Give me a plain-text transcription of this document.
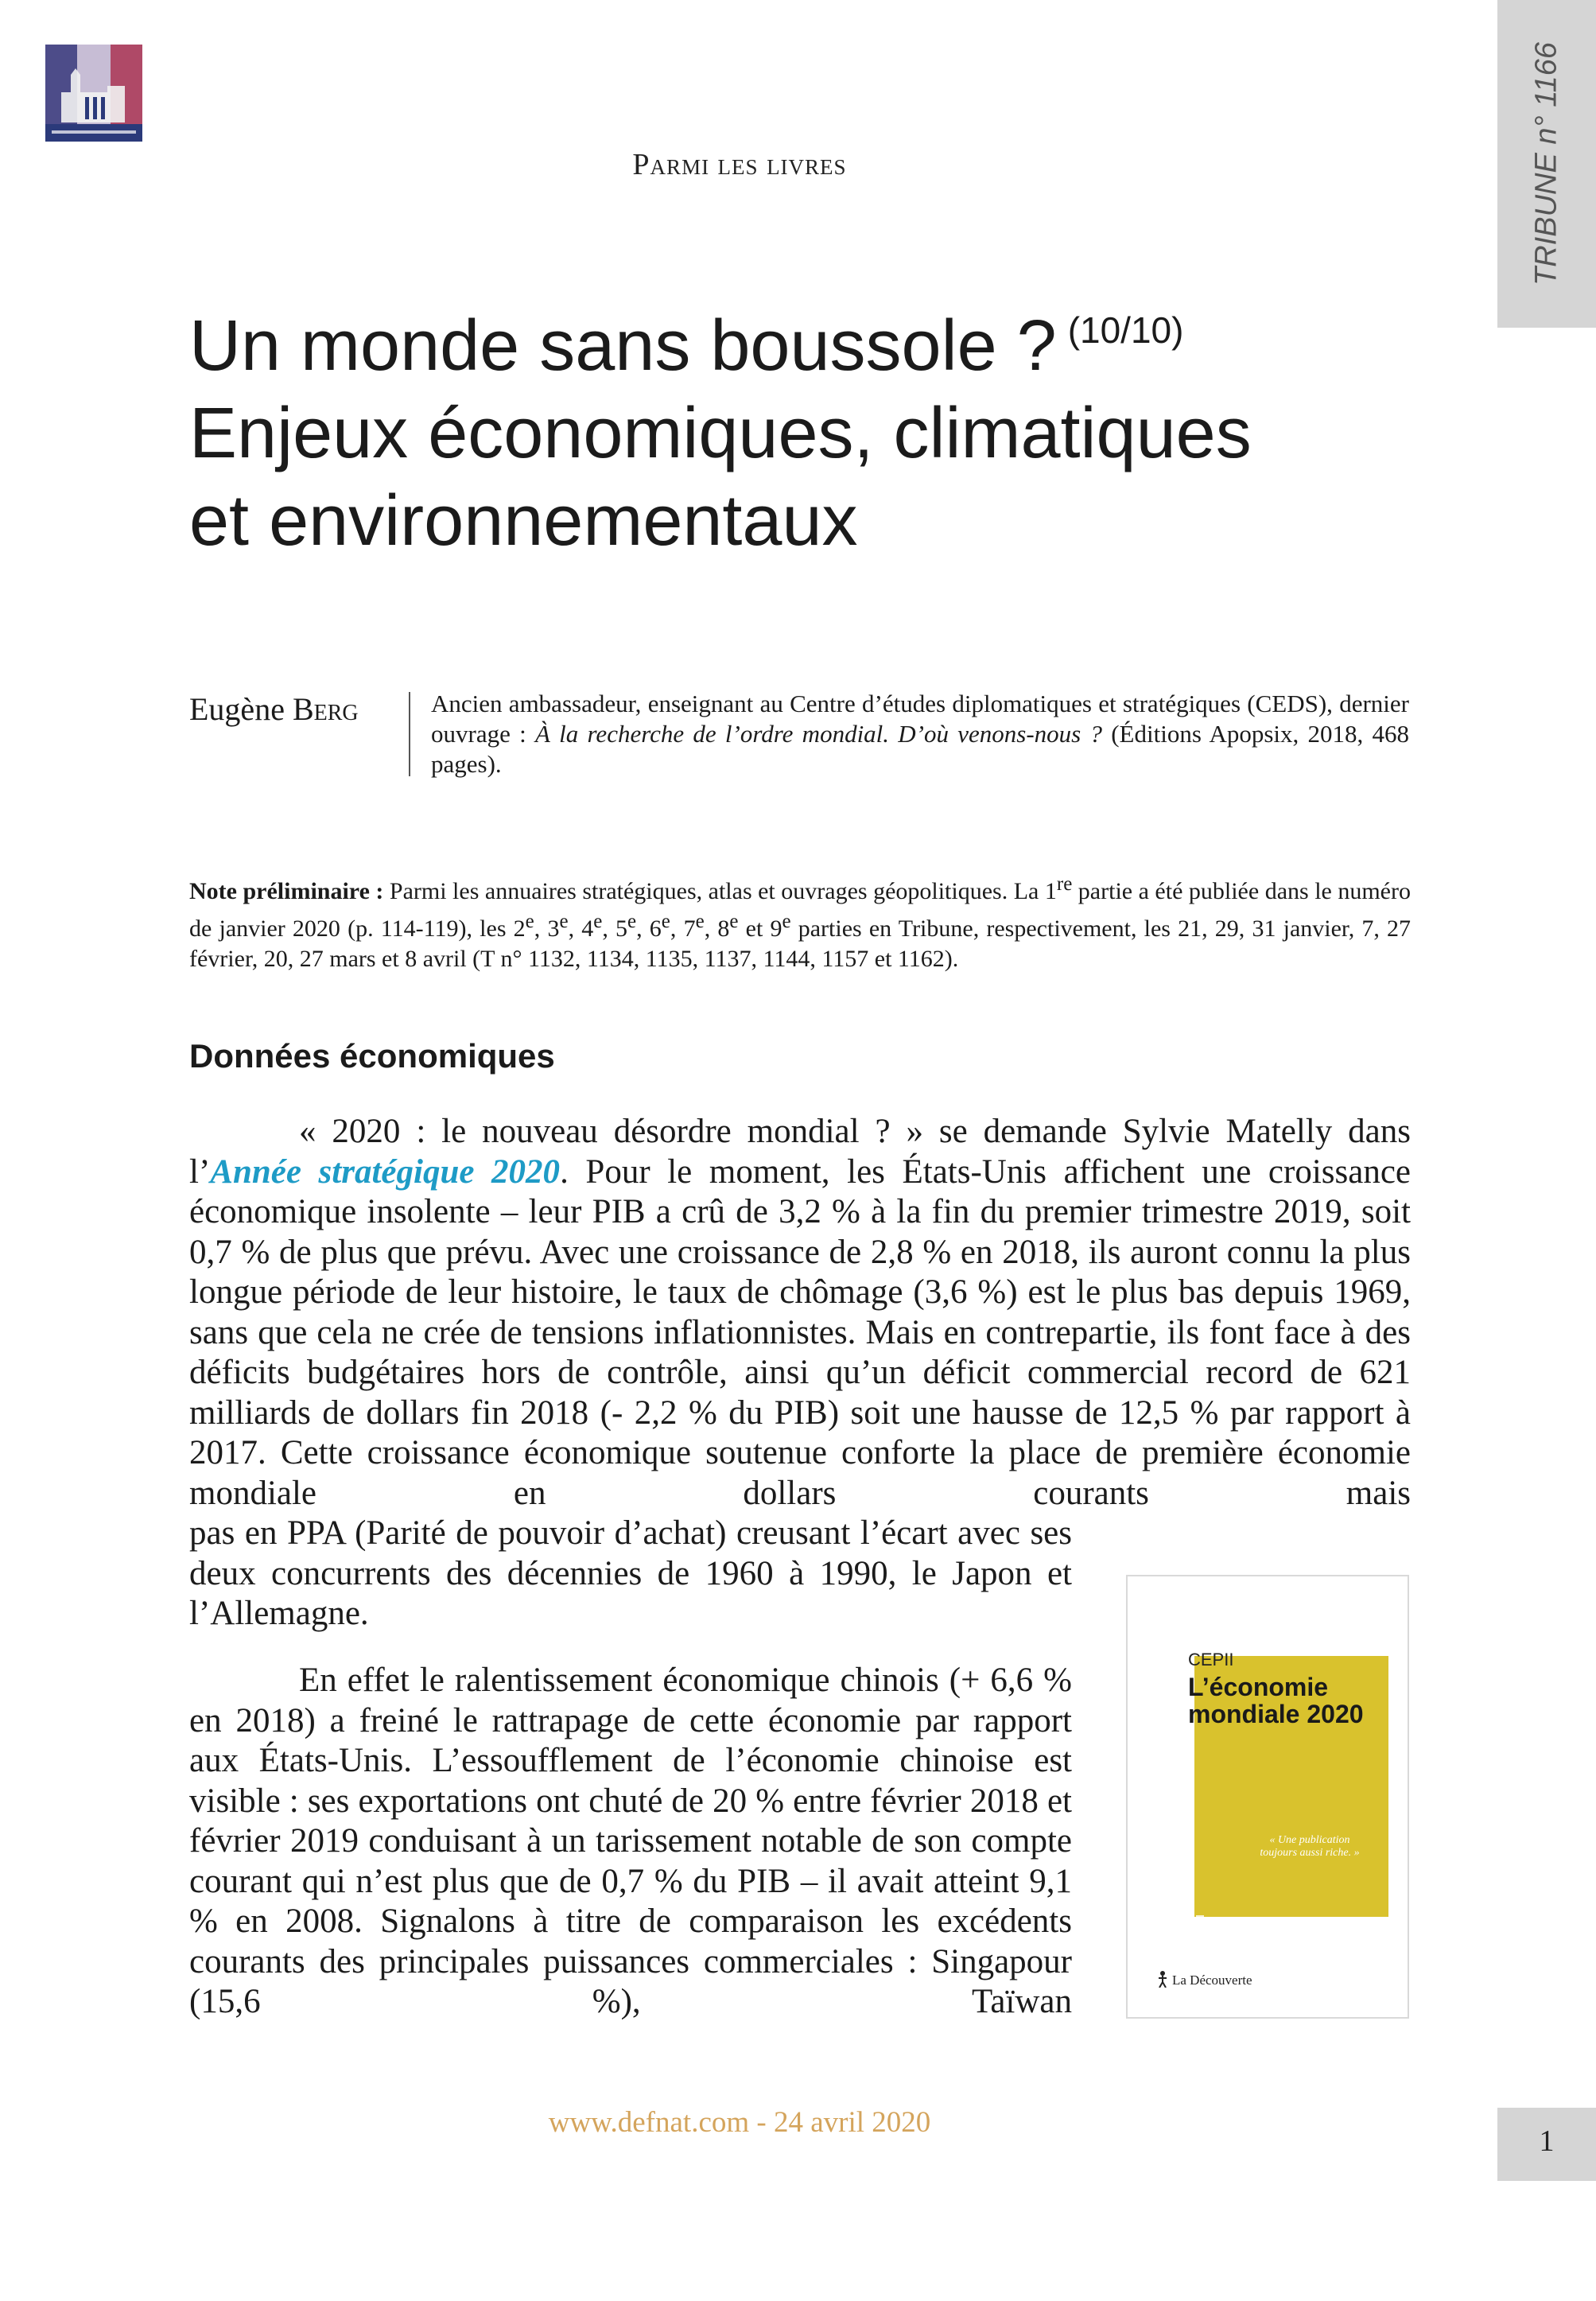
TRIBUNE n° 1166
1
Parmi les livres
Un monde sans boussole ? $^{(10/10)}$
Enjeux économiques, climatiques
et environnementaux
Eugène Berg	Ancien ambassadeur, enseignant au Centre d’études diplomatiques et stratégiques (CEDS), dernier ouvrage : À la recherche de l’ordre mondial. D’où venons-nous ? (Éditions Apopsix, 2018, 468 pages).
Note préliminaire : Parmi les annuaires stratégiques, atlas et ouvrages géopolitiques. La 1re partie a été publiée dans le numéro de janvier 2020 (p. 114-119), les 2e, 3e, 4e, 5e, 6e, 7e, 8e et 9e parties en Tribune, respectivement, les 21, 29, 31 janvier, 7, 27 février, 20, 27 mars et 8 avril (T n° 1132, 1134, 1135, 1137, 1144, 1157 et 1162).
Données économiques
« 2020 : le nouveau désordre mondial ? » se demande Sylvie Matelly dans l’Année stratégique 2020. Pour le moment, les États-Unis affichent une croissance économique insolente – leur PIB a crû de 3,2 % à la fin du premier trimestre 2019, soit 0,7 % de plus que prévu. Avec une croissance de 2,8 % en 2018, ils auront connu la plus longue période de leur histoire, le taux de chômage (3,6 %) est le plus bas depuis 1969, sans que cela ne crée de tensions inflationnistes. Mais en contrepartie, ils font face à des déficits budgétaires hors de contrôle, ainsi qu’un déficit commercial record de 621 milliards de dollars fin 2018 (- 2,2 % du PIB) soit une hausse de 12,5 % par rapport à 2017. Cette croissance économique soutenue conforte la place de première économie mondiale en dollars courants mais
pas en PPA (Parité de pouvoir d’achat) creusant l’écart avec ses deux concurrents des décennies de 1960 à 1990, le Japon et l’Allemagne.
En effet le ralentissement économique chinois (+ 6,6 % en 2018) a freiné le rattrapage de cette économie par rapport aux États-Unis. L’essoufflement de l’économie chinoise est visible : ses exportations ont chuté de 20 % entre février 2018 et février 2019 conduisant à un tarissement notable de son compte courant qui n’est plus que de 0,7 % du PIB – il avait atteint 9,1 % en 2008. Signalons à titre de comparaison les excédents courants des principales puissances commerciales : Singapour (15,6 %), Taïwan
CEPII
L’économie
mondiale 2020
« Une publication toujours aussi riche. »
La Découverte
www.defnat.com - 24 avril 2020
